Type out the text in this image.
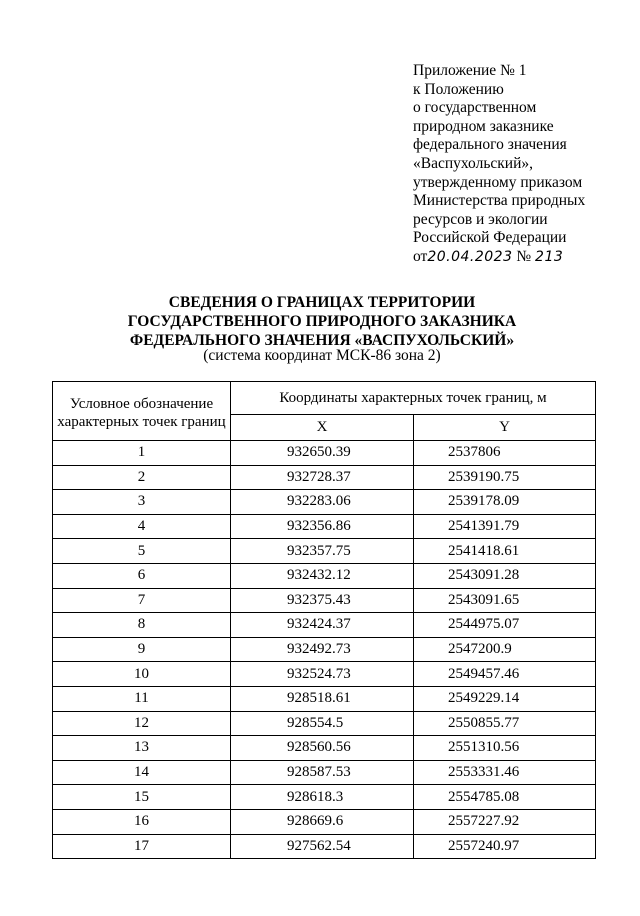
Приложение № 1
к Положению
о государственном
природном заказнике
федерального значения
«Васпухольский»,
утвержденному приказом
Министерства природных
ресурсов и экологии
Российской Федерации
от20.04.2023 № 213
СВЕДЕНИЯ О ГРАНИЦАХ ТЕРРИТОРИИ
ГОСУДАРСТВЕННОГО ПРИРОДНОГО ЗАКАЗНИКА
ФЕДЕРАЛЬНОГО ЗНАЧЕНИЯ «ВАСПУХОЛЬСКИЙ»
(система координат МСК-86 зона 2)
Условное обозначение характерных точек границ	Координаты характерных точек границ, м	
	X	Y
1	932650.39	2537806
2	932728.37	2539190.75
3	932283.06	2539178.09
4	932356.86	2541391.79
5	932357.75	2541418.61
6	932432.12	2543091.28
7	932375.43	2543091.65
8	932424.37	2544975.07
9	932492.73	2547200.9
10	932524.73	2549457.46
11	928518.61	2549229.14
12	928554.5	2550855.77
13	928560.56	2551310.56
14	928587.53	2553331.46
15	928618.3	2554785.08
16	928669.6	2557227.92
17	927562.54	2557240.97
